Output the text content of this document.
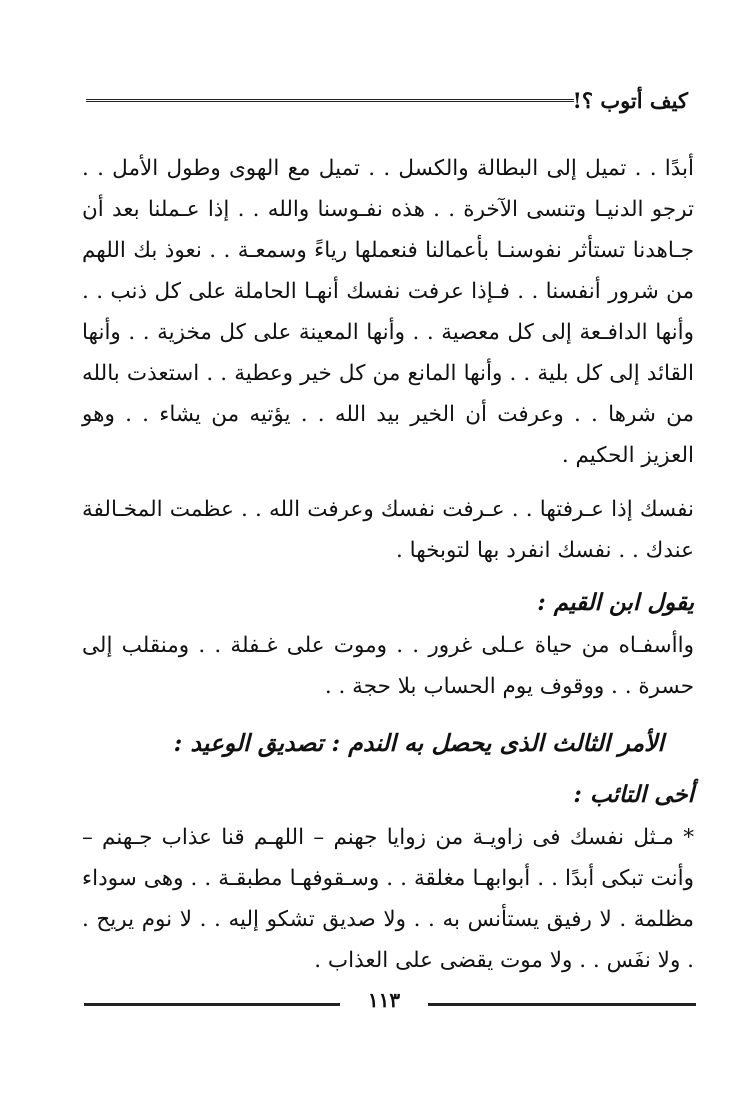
كيف أتوب ؟!

أبدًا . . تميل إلى البطالة والكسل . . تميل مع الهوى وطول الأمل . . ترجو الدنيـا وتنسى الآخرة . . هذه نفـوسنا والله . . إذا عـملنا بعد أن جـاهدنا تستأثر نفوسنـا بأعمالنا فنعملها رياءً وسمعـة . . نعوذ بك اللهم من شرور أنفسنا . . فـإذا عرفت نفسك أنهـا الحاملة على كل ذنب . . وأنها الدافـعة إلى كل معصية . . وأنها المعينة على كل مخزية . . وأنها القائد إلى كل بلية . . وأنها المانع من كل خير وعطية . . استعذت بالله من شرها . . وعرفت أن الخير بيد الله . . يؤتيه من يشاء . . وهو العزيز الحكيم .

نفسك إذا عـرفتها . . عـرفت نفسك وعرفت الله . . عظمت المخـالفة عندك . . نفسك انفرد بها لتوبخها .

يقول ابن القيم :

واأسفـاه من حياة عـلى غرور . . وموت على غـفلة . . ومنقلب إلى حسرة . . ووقوف يوم الحساب بلا حجة . .

الأمر الثالث الذى يحصل به الندم : تصديق الوعيد :

أخى التائب :

* مـثل نفسك فى زاويـة من زوايا جهنم – اللهـم قنا عذاب جـهنم – وأنت تبكى أبدًا . . أبوابهـا مغلقة . . وسـقوفهـا مطبقـة . . وهى سوداء مظلمة . لا رفيق يستأنس به . . ولا صديق تشكو إليه . . لا نوم يريح . . ولا نفَس . . ولا موت يقضى على العذاب .

١١٣
